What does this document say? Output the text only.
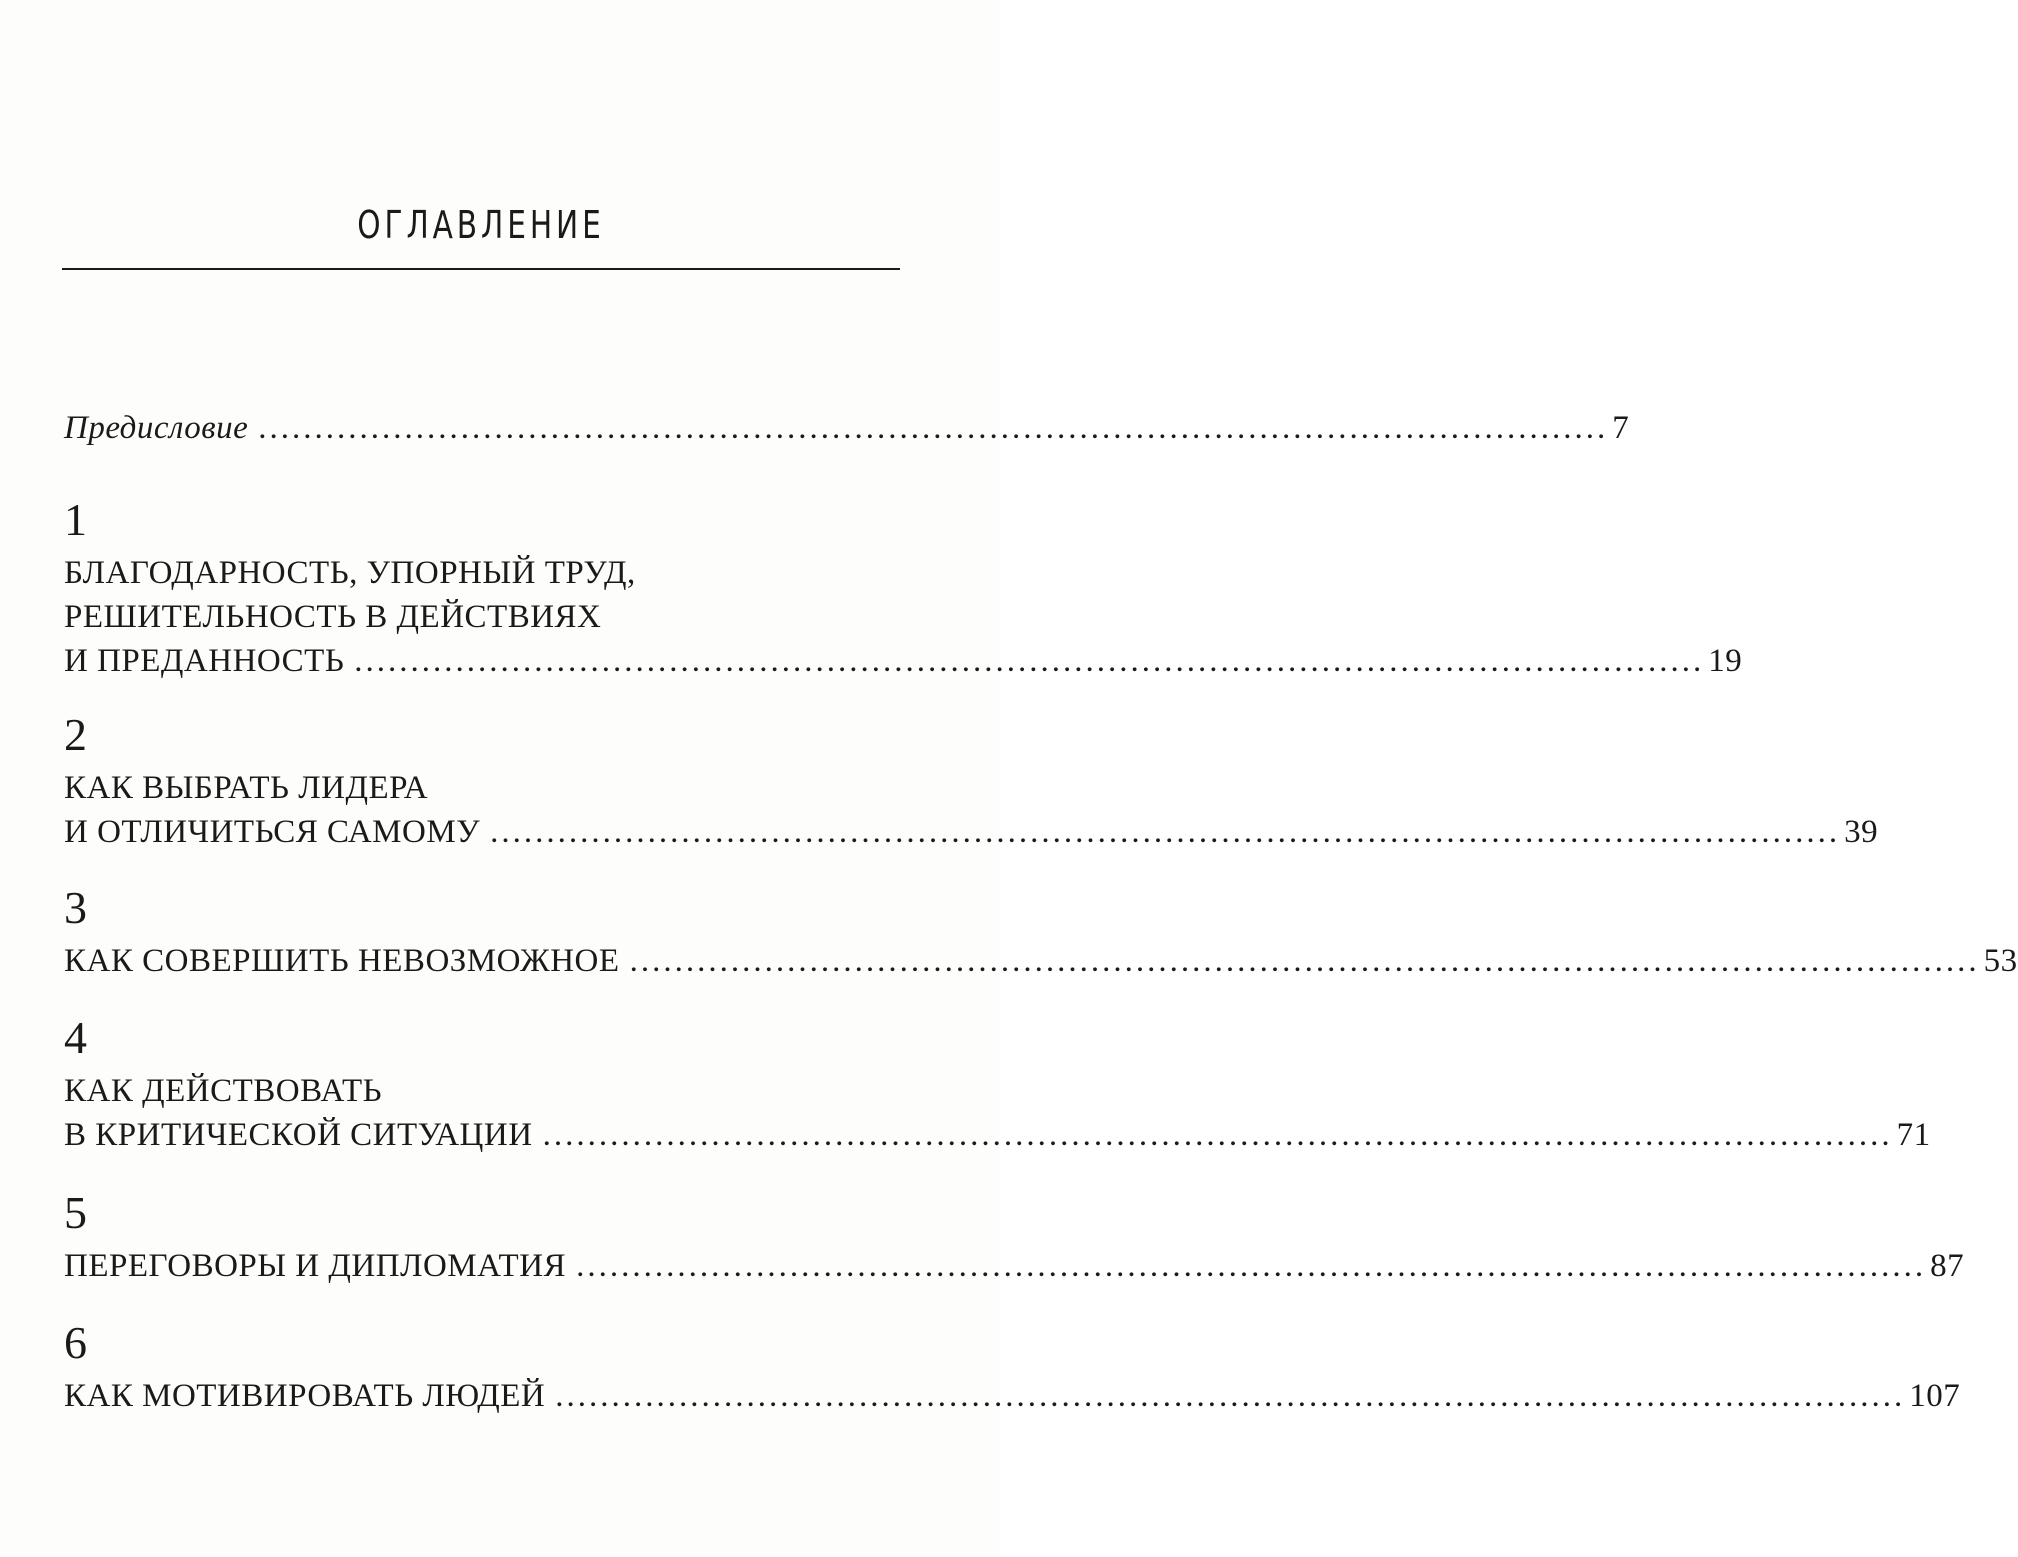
ОГЛАВЛЕНИЕ
Предисловие ........................................................................................................................ 7
1
БЛАГОДАРНОСТЬ, УПОРНЫЙ ТРУД,
РЕШИТЕЛЬНОСТЬ В ДЕЙСТВИЯХ
И ПРЕДАННОСТЬ ........................................................................................................................ 19
2
КАК ВЫБРАТЬ ЛИДЕРА
И ОТЛИЧИТЬСЯ САМОМУ ........................................................................................................................ 39
3
КАК СОВЕРШИТЬ НЕВОЗМОЖНОЕ ........................................................................................................................ 53
4
КАК ДЕЙСТВОВАТЬ
В КРИТИЧЕСКОЙ СИТУАЦИИ ........................................................................................................................ 71
5
ПЕРЕГОВОРЫ И ДИПЛОМАТИЯ ........................................................................................................................ 87
6
КАК МОТИВИРОВАТЬ ЛЮДЕЙ ........................................................................................................................ 107
